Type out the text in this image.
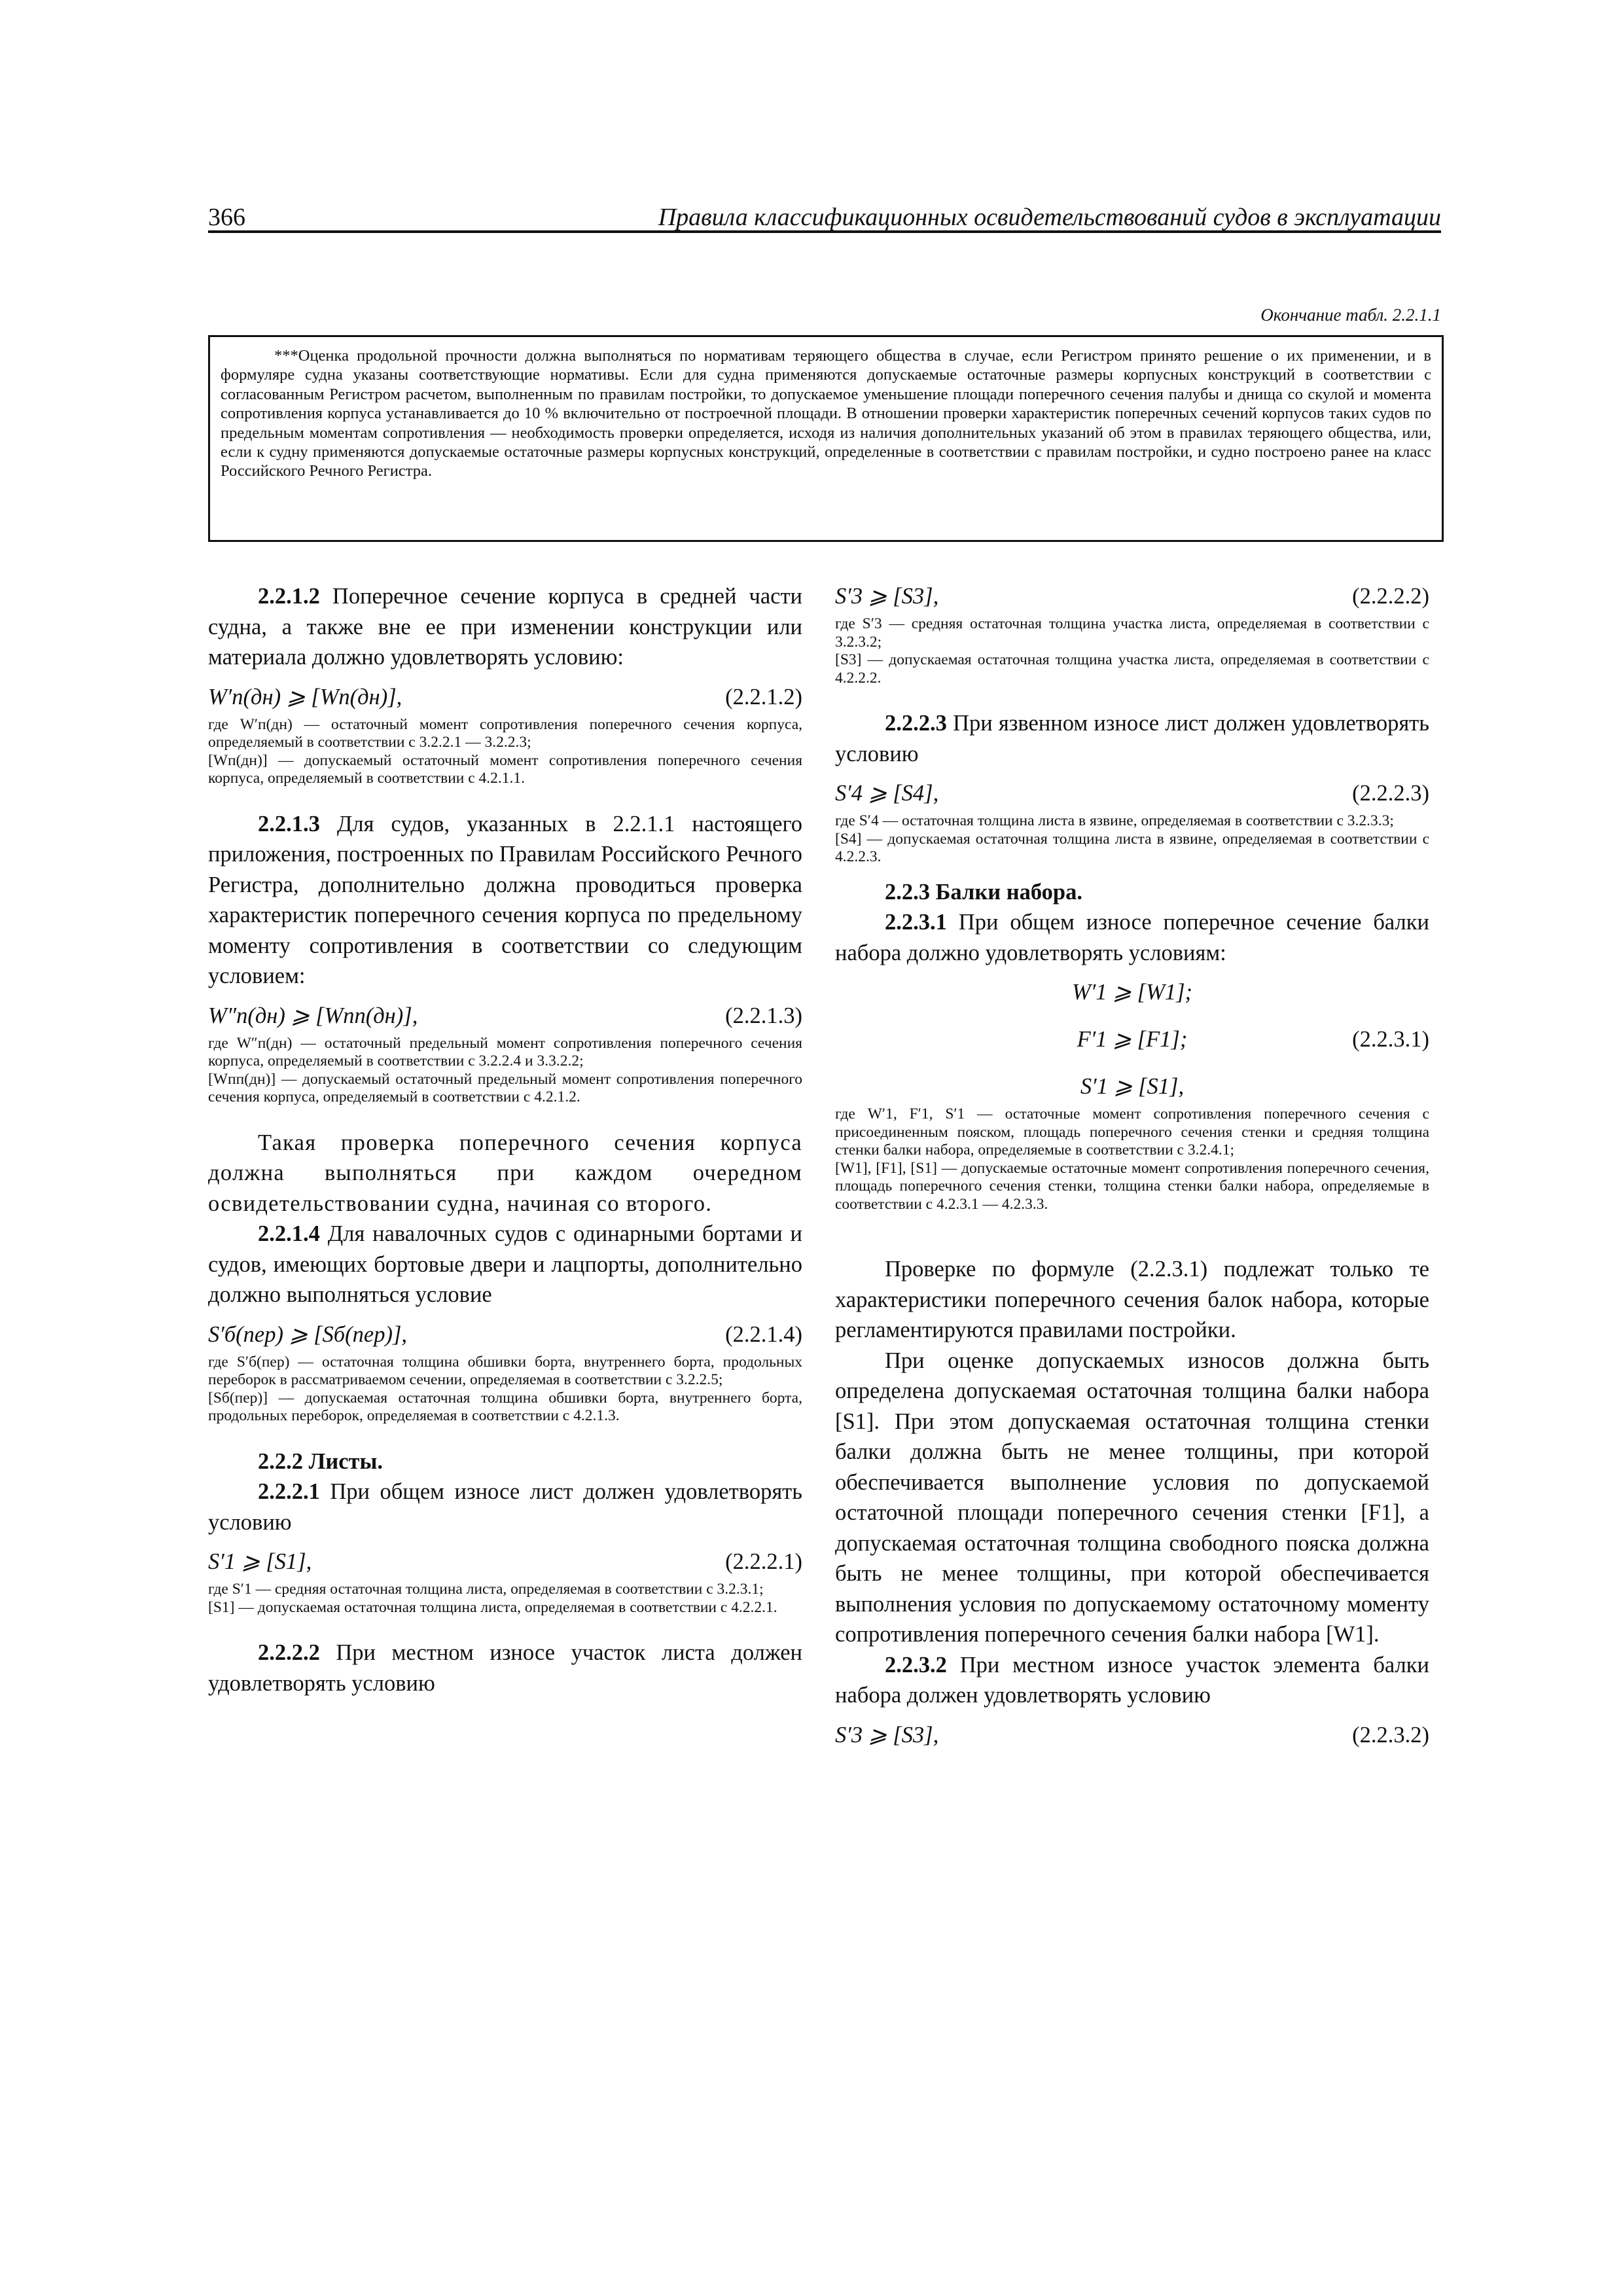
366	Правила классификационных освидетельствований судов в эксплуатации
Окончание табл. 2.2.1.1

***Оценка продольной прочности должна выполняться по нормативам теряющего общества в случае, если Регистром принято решение о их применении, и в формуляре судна указаны соответствующие нормативы. Если для судна применяются допускаемые остаточные размеры корпусных конструкций в соответствии с согласованным Регистром расчетом, выполненным по правилам постройки, то допускаемое уменьшение площади поперечного сечения палубы и днища со скулой и момента сопротивления корпуса устанавливается до 10 % включительно от построечной площади. В отношении проверки характеристик поперечных сечений корпусов таких судов по предельным моментам сопротивления — необходимость проверки определяется, исходя из наличия дополнительных указаний об этом в правилах теряющего общества, или, если к судну применяются допускаемые остаточные размеры корпусных конструкций, определенные в соответствии с правилам постройки, и судно построено ранее на класс Российского Речного Регистра.

2.2.1.2 Поперечное сечение корпуса в средней части судна, а также вне ее при изменении конструкции или материала должно удовлетворять условию:

W′п(дн) ⩾ [Wп(дн)],	(2.2.1.2)
где W′п(дн) — остаточный момент сопротивления поперечного сечения корпуса, определяемый в соответствии с 3.2.2.1 — 3.2.2.3;
[Wп(дн)] — допускаемый остаточный момент сопротивления поперечного сечения корпуса, определяемый в соответствии с 4.2.1.1.

2.2.1.3 Для судов, указанных в 2.2.1.1 настоящего приложения, построенных по Правилам Российского Речного Регистра, дополнительно должна проводиться проверка характеристик поперечного сечения корпуса по предельному моменту сопротивления в соответствии со следующим условием:

W″п(дн) ⩾ [Wпп(дн)],	(2.2.1.3)
где W″п(дн) — остаточный предельный момент сопротивления поперечного сечения корпуса, определяемый в соответствии с 3.2.2.4 и 3.3.2.2;
[Wпп(дн)] — допускаемый остаточный предельный момент сопротивления поперечного сечения корпуса, определяемый в соответствии с 4.2.1.2.

Такая проверка поперечного сечения корпуса должна выполняться при каждом очередном освидетельствовании судна, начиная со второго.

2.2.1.4 Для навалочных судов с одинарными бортами и судов, имеющих бортовые двери и лацпорты, дополнительно должно выполняться условие

S′б(пер) ⩾ [Sб(пер)],	(2.2.1.4)
где S′б(пер) — остаточная толщина обшивки борта, внутреннего борта, продольных переборок в рассматриваемом сечении, определяемая в соответствии с 3.2.2.5;
[Sб(пер)] — допускаемая остаточная толщина обшивки борта, внутреннего борта, продольных переборок, определяемая в соответствии с 4.2.1.3.

2.2.2 Листы.

2.2.2.1 При общем износе лист должен удовлетворять условию

S′1 ⩾ [S1],	(2.2.2.1)
где S′1 — средняя остаточная толщина листа, определяемая в соответствии с 3.2.3.1;
[S1] — допускаемая остаточная толщина листа, определяемая в соответствии с 4.2.2.1.

2.2.2.2 При местном износе участок листа должен удовлетворять условию

S′3 ⩾ [S3],	(2.2.2.2)
где S′3 — средняя остаточная толщина участка листа, определяемая в соответствии с 3.2.3.2;
[S3] — допускаемая остаточная толщина участка листа, определяемая в соответствии с 4.2.2.2.

2.2.2.3 При язвенном износе лист должен удовлетворять условию

S′4 ⩾ [S4],	(2.2.2.3)
где S′4 — остаточная толщина листа в язвине, определяемая в соответствии с 3.2.3.3;
[S4] — допускаемая остаточная толщина листа в язвине, определяемая в соответствии с 4.2.2.3.

2.2.3 Балки набора.

2.2.3.1 При общем износе поперечное сечение балки набора должно удовлетворять условиям:

W′1 ⩾ [W1];
F′1 ⩾ [F1];	(2.2.3.1)
S′1 ⩾ [S1],
где W′1, F′1, S′1 — остаточные момент сопротивления поперечного сечения с присоединенным пояском, площадь поперечного сечения стенки и средняя толщина стенки балки набора, определяемые в соответствии с 3.2.4.1;
[W1], [F1], [S1] — допускаемые остаточные момент сопротивления поперечного сечения, площадь поперечного сечения стенки, толщина стенки балки набора, определяемые в соответствии с 4.2.3.1 — 4.2.3.3.

Проверке по формуле (2.2.3.1) подлежат только те характеристики поперечного сечения балок набора, которые регламентируются правилами постройки.

При оценке допускаемых износов должна быть определена допускаемая остаточная толщина балки набора [S1]. При этом допускаемая остаточная толщина стенки балки должна быть не менее толщины, при которой обеспечивается выполнение условия по допускаемой остаточной площади поперечного сечения стенки [F1], а допускаемая остаточная толщина свободного пояска должна быть не менее толщины, при которой обеспечивается выполнения условия по допускаемому остаточному моменту сопротивления поперечного сечения балки набора [W1].

2.2.3.2 При местном износе участок элемента балки набора должен удовлетворять условию

S′3 ⩾ [S3],	(2.2.3.2)
